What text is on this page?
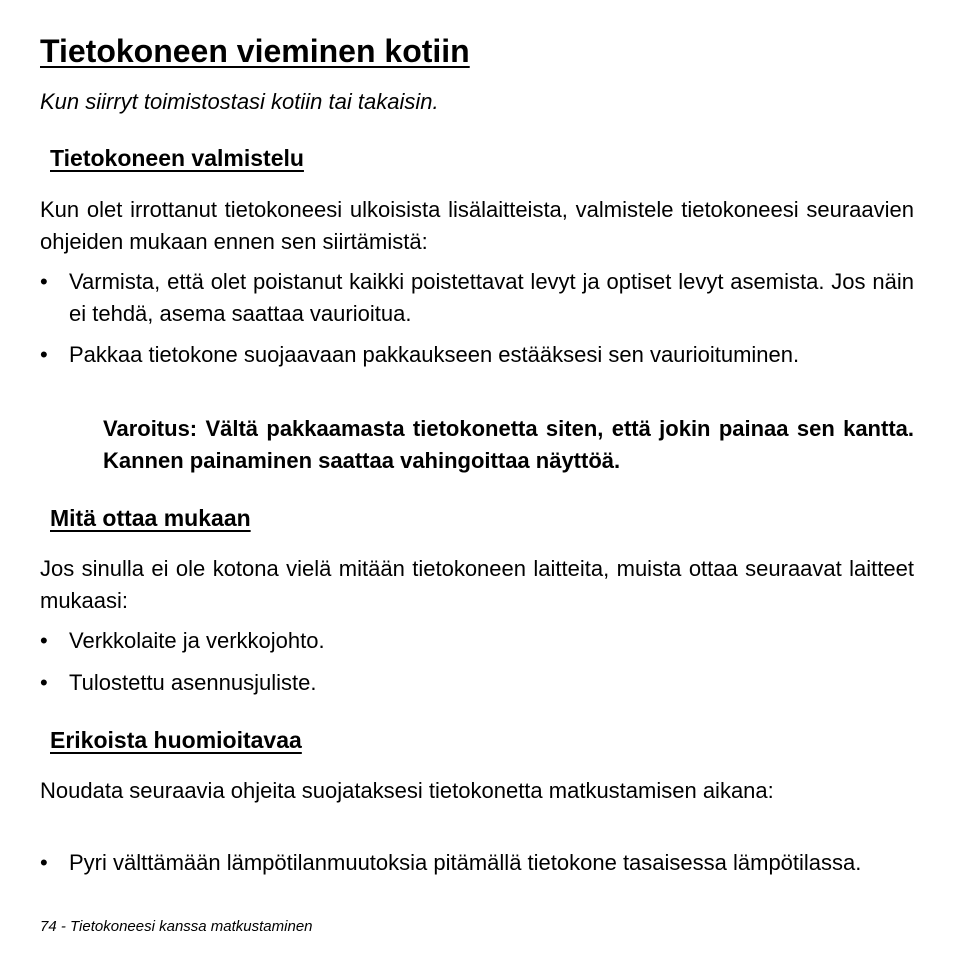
Tietokoneen vieminen kotiin

Kun siirryt toimistostasi kotiin tai takaisin.

Tietokoneen valmistelu

Kun olet irrottanut tietokoneesi ulkoisista lisälaitteista, valmistele tietokoneesi seuraavien ohjeiden mukaan ennen sen siirtämistä:

• Varmista, että olet poistanut kaikki poistettavat levyt ja optiset levyt asemista. Jos näin ei tehdä, asema saattaa vaurioitua.
• Pakkaa tietokone suojaavaan pakkaukseen estääksesi sen vaurioituminen.

Varoitus: Vältä pakkaamasta tietokonetta siten, että jokin painaa sen kantta. Kannen painaminen saattaa vahingoittaa näyttöä.

Mitä ottaa mukaan

Jos sinulla ei ole kotona vielä mitään tietokoneen laitteita, muista ottaa seuraavat laitteet mukaasi:

• Verkkolaite ja verkkojohto.
• Tulostettu asennusjuliste.
Erikoista huomioitavaa

Noudata seuraavia ohjeita suojataksesi tietokonetta matkustamisen aikana:

• Pyri välttämään lämpötilanmuutoksia pitämällä tietokone tasaisessa lämpötilassa.
74 - Tietokoneesi kanssa matkustaminen
